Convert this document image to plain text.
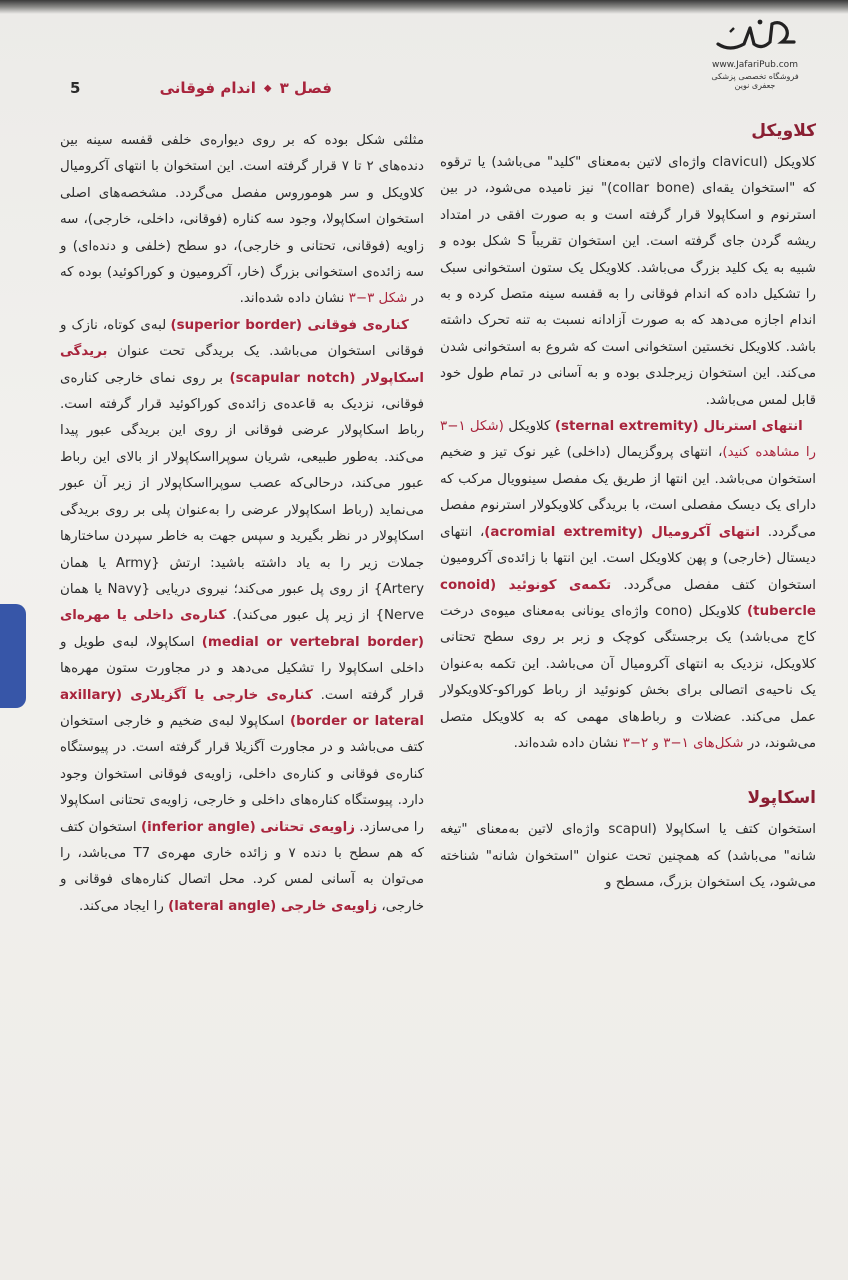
www.JafariPub.com
فروشگاه تخصصی پزشکی جعفری نوین
فصل ۳
◆
اندام فوقانی
5
کلاویکل

کلاویکل (clavicul واژه‌ای لاتین به‌معنای "کلید" می‌باشد) یا ترقوه که "استخوان یقه‌ای (collar bone)" نیز نامیده می‌شود، در بین استرنوم و اسکاپولا قرار گرفته است و به صورت افقی در امتداد ریشه گردن جای گرفته است. این استخوان تقریباً S شکل بوده و شبیه به یک کلید بزرگ می‌باشد. کلاویکل یک ستون استخوانی سبک را تشکیل داده که اندام فوقانی را به قفسه سینه متصل کرده و به اندام اجازه می‌دهد که به صورت آزادانه نسبت به تنه تحرک داشته باشد. کلاویکل نخستین استخوانی است که شروع به استخوانی شدن می‌کند. این استخوان زیرجلدی بوده و به آسانی در تمام طول خود قابل لمس می‌باشد.

انتهای استرنال (sternal extremity) کلاویکل (شکل ۱−۳ را مشاهده کنید)، انتهای پروگزیمال (داخلی) غیر نوک تیز و ضخیم استخوان می‌باشد. این انتها از طریق یک مفصل سینوویال مرکب که دارای یک دیسک مفصلی است، با بریدگی کلاویکولار استرنوم مفصل می‌گردد. انتهای آکرومیال (acromial extremity)، انتهای دیستال (خارجی) و پهن کلاویکل است. این انتها با زائده‌ی آکرومیون استخوان کتف مفصل می‌گردد. تکمه‌ی کونوئید (conoid tubercle) کلاویکل (cono واژه‌ای یونانی به‌معنای میوه‌ی درخت کاج می‌باشد) یک برجستگی کوچک و زبر بر روی سطح تحتانی کلاویکل، نزدیک به انتهای آکرومیال آن می‌باشد. این تکمه به‌عنوان یک ناحیه‌ی اتصالی برای بخش کونوئید از رباط کوراکو-کلاویکولار عمل می‌کند. عضلات و رباط‌های مهمی که به کلاویکل متصل می‌شوند، در شکل‌های ۱−۳ و ۲−۳ نشان داده شده‌اند.

اسکاپولا

استخوان کتف یا اسکاپولا (scapul واژه‌ای لاتین به‌معنای "تیغه شانه" می‌باشد) که همچنین تحت عنوان "استخوان شانه" شناخته می‌شود، یک استخوان بزرگ، مسطح و

مثلثی شکل بوده که بر روی دیواره‌ی خلفی قفسه سینه بین دنده‌های ۲ تا ۷ قرار گرفته است. این استخوان با انتهای آکرومیال کلاویکل و سر هوموروس مفصل می‌گردد. مشخصه‌های اصلی استخوان اسکاپولا، وجود سه کناره (فوقانی، داخلی، خارجی)، سه زاویه (فوقانی، تحتانی و خارجی)، دو سطح (خلفی و دنده‌ای) و سه زائده‌ی استخوانی بزرگ (خار، آکرومیون و کوراکوئید) بوده که در شکل ۳−۳ نشان داده شده‌اند.

کناره‌ی فوقانی (superior border) لبه‌ی کوتاه، نازک و فوقانی استخوان می‌باشد. یک بریدگی تحت عنوان بریدگی اسکاپولار (scapular notch) بر روی نمای خارجی کناره‌ی فوقانی، نزدیک به قاعده‌ی زائده‌ی کوراکوئید قرار گرفته است. رباط اسکاپولار عرضی فوقانی از روی این بریدگی عبور پیدا می‌کند. به‌طور طبیعی، شریان سوپرااسکاپولار از بالای این رباط عبور می‌کند، درحالی‌که عصب سوپرااسکاپولار از زیر آن عبور می‌نماید (رباط اسکاپولار عرضی را به‌عنوان پلی بر روی بریدگی اسکاپولار در نظر بگیرید و سپس جهت به خاطر سپردن ساختارها جملات زیر را به یاد داشته باشید: ارتش {Army یا همان Artery} از روی پل عبور می‌کند؛ نیروی دریایی {Navy یا همان Nerve} از زیر پل عبور می‌کند). کناره‌ی داخلی یا مهره‌ای (medial or vertebral border) اسکاپولا، لبه‌ی طویل و داخلی اسکاپولا را تشکیل می‌دهد و در مجاورت ستون مهره‌ها قرار گرفته است. کناره‌ی خارجی یا آگزیلاری (axillary border or lateral) اسکاپولا لبه‌ی ضخیم و خارجی استخوان کتف می‌باشد و در مجاورت آگزیلا قرار گرفته است. در پیوستگاه کناره‌ی فوقانی و کناره‌ی داخلی، زاویه‌ی فوقانی استخوان وجود دارد. پیوستگاه کناره‌های داخلی و خارجی، زاویه‌ی تحتانی اسکاپولا را می‌سازد. زاویه‌ی تحتانی (inferior angle) استخوان کتف که هم سطح با دنده ۷ و زائده خاری مهره‌ی T7 می‌باشد، را می‌توان به آسانی لمس کرد. محل اتصال کناره‌های فوقانی و خارجی، زاویه‌ی خارجی (lateral angle) را ایجاد می‌کند.
